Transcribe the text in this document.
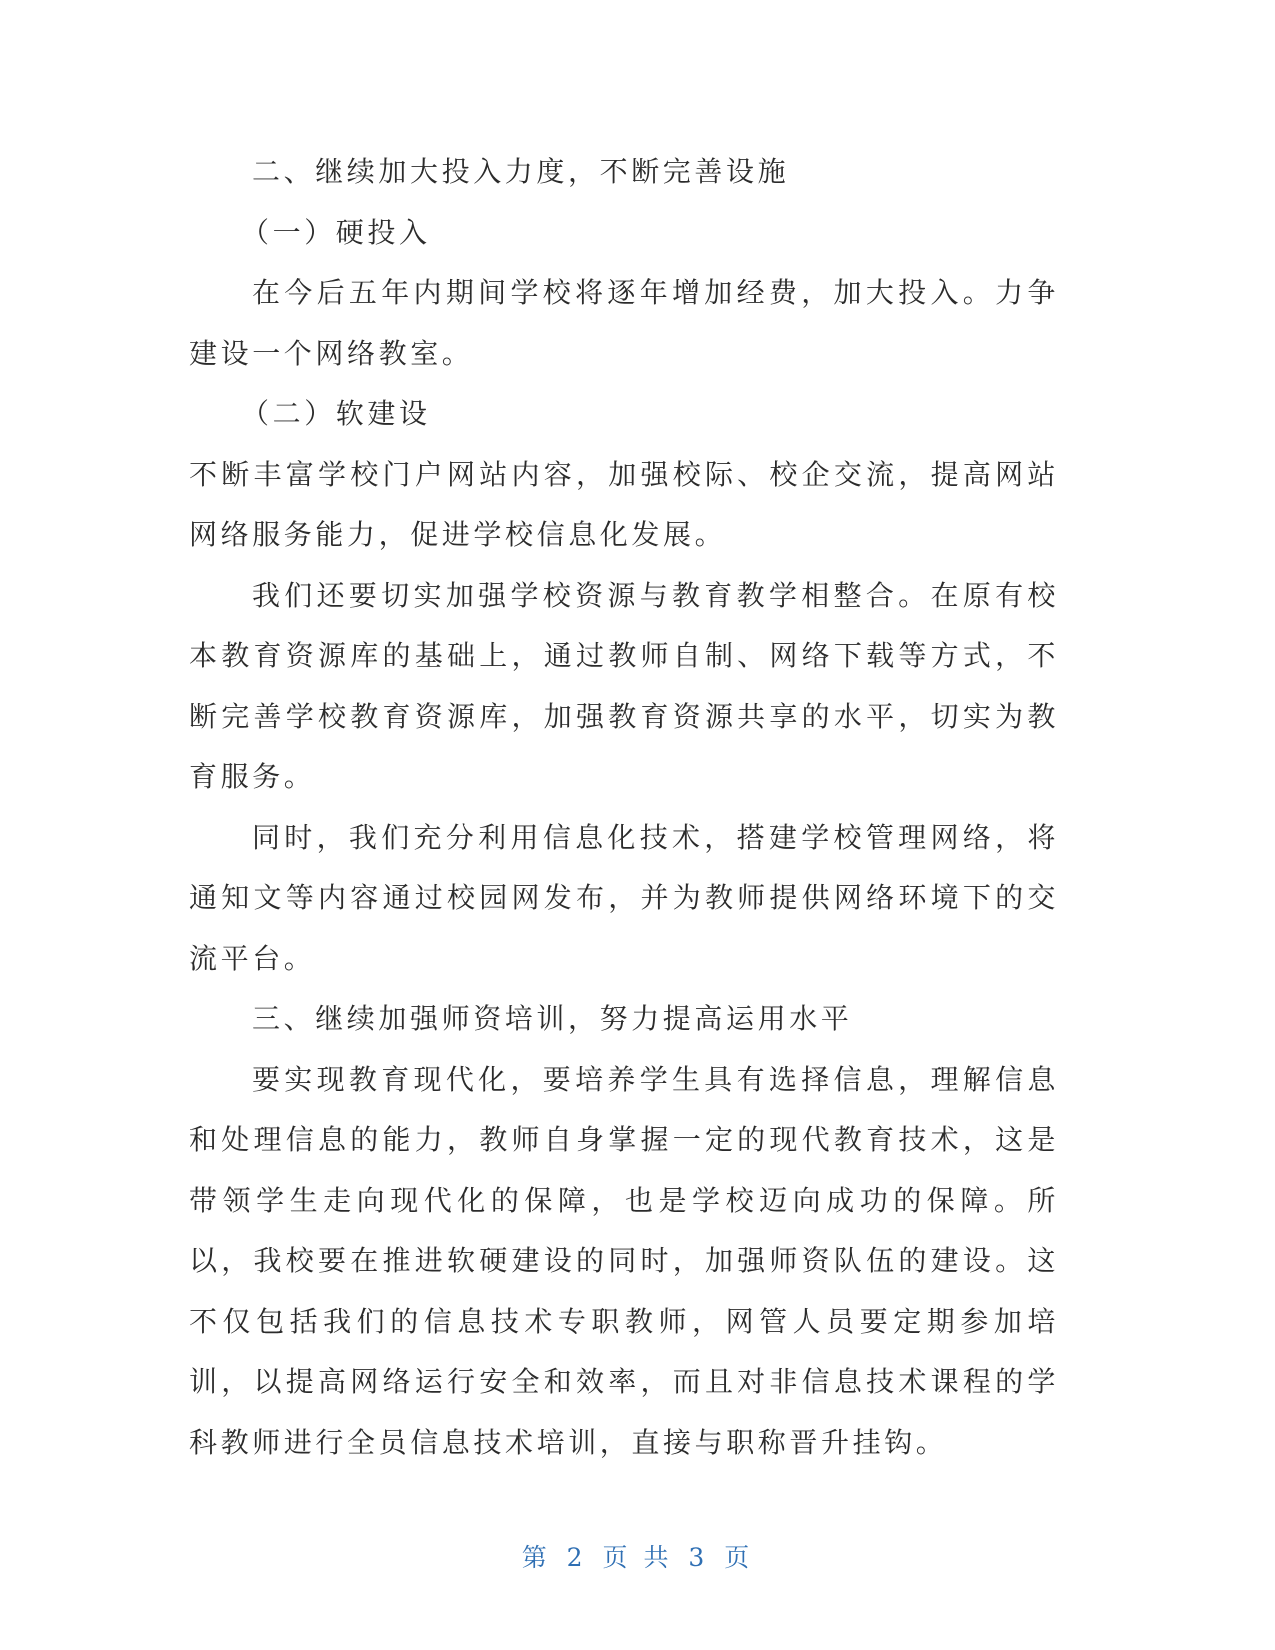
二、继续加大投入力度，不断完善设施

（一）硬投入

在今后五年内期间学校将逐年增加经费，加大投入。力争建设一个网络教室。

（二）软建设

不断丰富学校门户网站内容，加强校际、校企交流，提高网站网络服务能力，促进学校信息化发展。

我们还要切实加强学校资源与教育教学相整合。在原有校本教育资源库的基础上，通过教师自制、网络下载等方式，不断完善学校教育资源库，加强教育资源共享的水平，切实为教育服务。

同时，我们充分利用信息化技术，搭建学校管理网络，将通知文等内容通过校园网发布，并为教师提供网络环境下的交流平台。

三、继续加强师资培训，努力提高运用水平

要实现教育现代化，要培养学生具有选择信息，理解信息和处理信息的能力，教师自身掌握一定的现代教育技术，这是带领学生走向现代化的保障，也是学校迈向成功的保障。所以，我校要在推进软硬建设的同时，加强师资队伍的建设。这不仅包括我们的信息技术专职教师，网管人员要定期参加培训，以提高网络运行安全和效率，而且对非信息技术课程的学科教师进行全员信息技术培训，直接与职称晋升挂钩。

第 2 页 共 3 页
